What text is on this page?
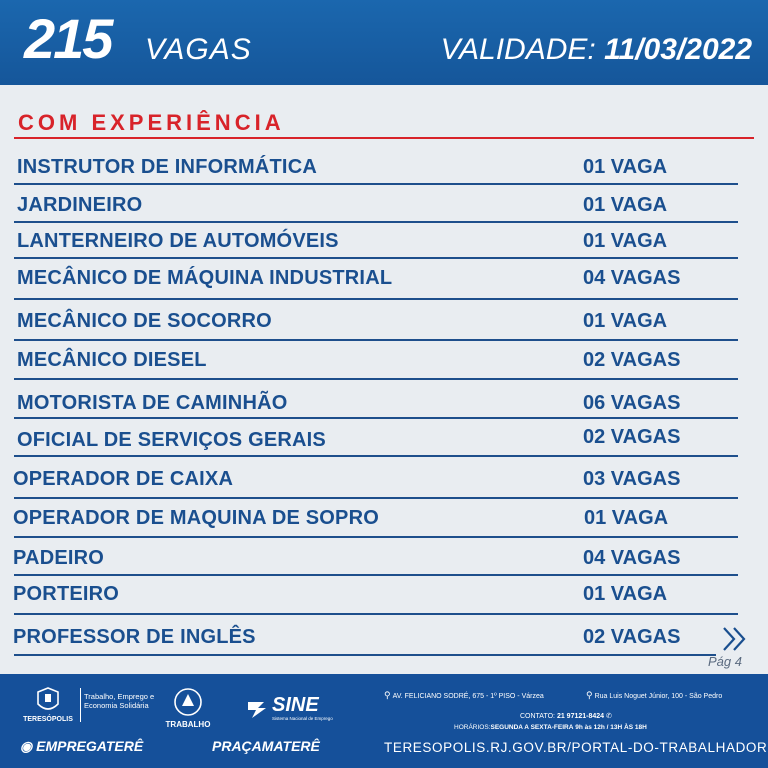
215 VAGAS	VALIDADE: 11/03/2022
COM EXPERIÊNCIA
INSTRUTOR DE INFORMÁTICA	01 VAGA
JARDINEIRO	01 VAGA
LANTERNEIRO DE AUTOMÓVEIS	01 VAGA
MECÂNICO DE MÁQUINA INDUSTRIAL	04 VAGAS
MECÂNICO DE SOCORRO	01 VAGA
MECÂNICO DIESEL	02 VAGAS
MOTORISTA DE CAMINHÃO	06 VAGAS
OFICIAL DE SERVIÇOS GERAIS	02 VAGAS
OPERADOR DE CAIXA	03 VAGAS
OPERADOR DE MAQUINA DE SOPRO	01 VAGA
PADEIRO	04 VAGAS
PORTEIRO	01 VAGA
PROFESSOR DE INGLÊS	02 VAGAS
Pág 4
TERESÓPOLIS
Trabalho, Emprego e Economia Solidária
TRABALHO
SINE
Sistema Nacional de Emprego
◉ EMPREGATERÊ	PRAÇAMATERÊ
⚲ AV. FELICIANO SODRÉ, 675 - 1º PISO - Várzea	⚲ Rua Luis Noguet Júnior, 100 - São Pedro
CONTATO: 21 97121-8424 ✆
HORÁRIOS:SEGUNDA A SEXTA-FEIRA 9h às 12h / 13H ÀS 18H
TERESOPOLIS.RJ.GOV.BR/PORTAL-DO-TRABALHADOR
